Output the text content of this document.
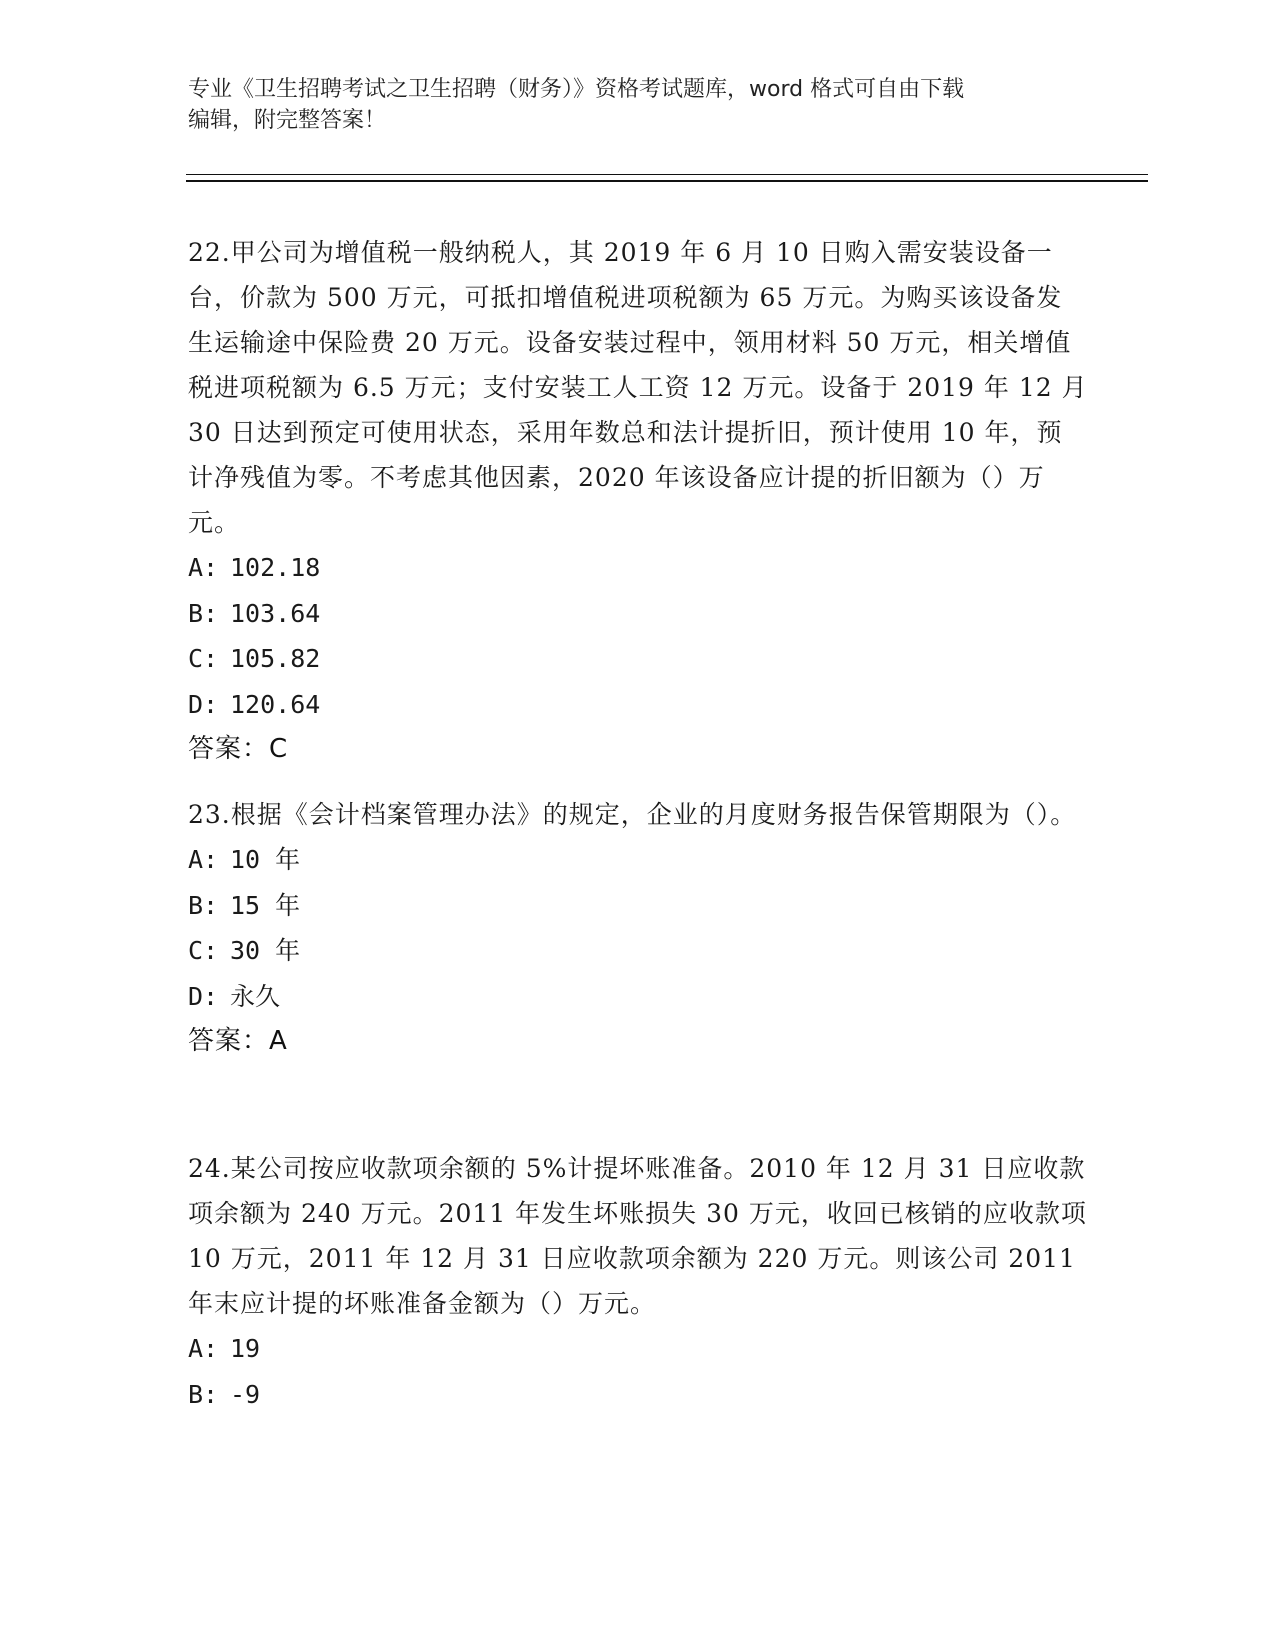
专业《卫生招聘考试之卫生招聘（财务）》资格考试题库，word 格式可自由下载
编辑，附完整答案！

22.甲公司为增值税一般纳税人，其 2019 年 6 月 10 日购入需安装设备一台，价款为 500 万元，可抵扣增值税进项税额为 65 万元。为购买该设备发生运输途中保险费 20 万元。设备安装过程中，领用材料 50 万元，相关增值税进项税额为 6.5 万元；支付安装工人工资 12 万元。设备于 2019 年 12 月 30 日达到预定可使用状态，采用年数总和法计提折旧，预计使用 10 年，预计净残值为零。不考虑其他因素，2020 年该设备应计提的折旧额为（）万元。

A: 102.18

B: 103.64

C: 105.82

D: 120.64

答案：C

23.根据《会计档案管理办法》的规定，企业的月度财务报告保管期限为（）。

A: 10 年

B: 15 年

C: 30 年

D: 永久

答案：A

24.某公司按应收款项余额的 5%计提坏账准备。2010 年 12 月 31 日应收款项余额为 240 万元。2011 年发生坏账损失 30 万元，收回已核销的应收款项 10 万元，2011 年 12 月 31 日应收款项余额为 220 万元。则该公司 2011 年末应计提的坏账准备金额为（）万元。

A: 19

B: -9
